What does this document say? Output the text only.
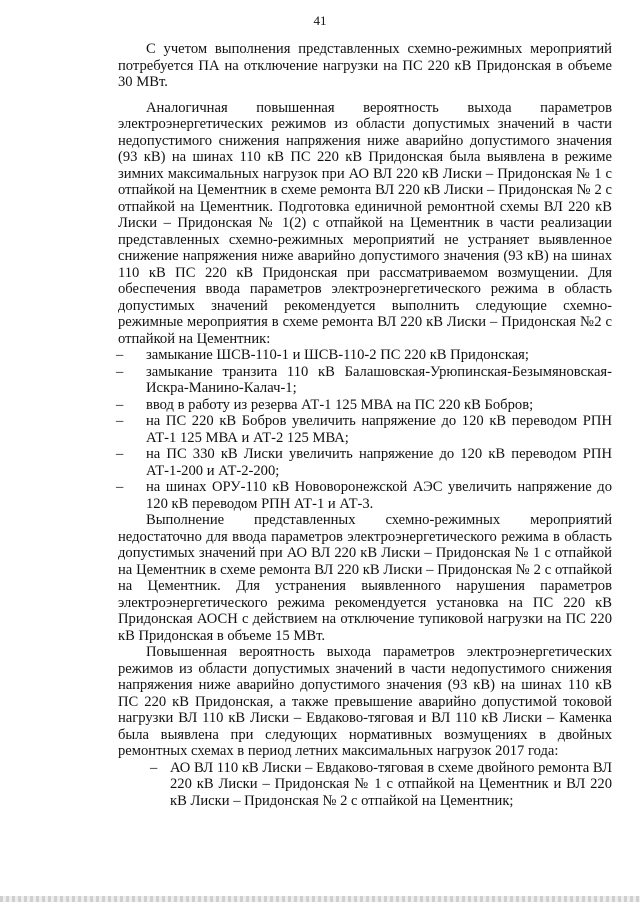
41

С учетом выполнения представленных схемно-режимных мероприятий потребуется ПА на отключение нагрузки на ПС 220 кВ Придонская в объеме 30 МВт.

Аналогичная повышенная вероятность выхода параметров электроэнергетических режимов из области допустимых значений в части недопустимого снижения напряжения ниже аварийно допустимого значения (93 кВ) на шинах 110 кВ ПС 220 кВ Придонская была выявлена в режиме зимних максимальных нагрузок при АО ВЛ 220 кВ Лиски – Придонская № 1 с отпайкой на Цементник в схеме ремонта ВЛ 220 кВ Лиски – Придонская № 2 с отпайкой на Цементник. Подготовка единичной ремонтной схемы ВЛ 220 кВ Лиски – Придонская № 1(2) с отпайкой на Цементник в части реализации представленных схемно-режимных мероприятий не устраняет выявленное снижение напряжения ниже аварийно допустимого значения (93 кВ) на шинах 110 кВ ПС 220 кВ Придонская при рассматриваемом возмущении. Для обеспечения ввода параметров электроэнергетического режима в область допустимых значений рекомендуется выполнить следующие схемно-режимные мероприятия в схеме ремонта ВЛ 220 кВ Лиски – Придонская №2 с отпайкой на Цементник:

– замыкание ШСВ-110-1 и ШСВ-110-2 ПС 220 кВ Придонская;
– замыкание транзита 110 кВ Балашовская-Урюпинская-Безымяновская-Искра-Манино-Калач-1;
– ввод в работу из резерва АТ-1 125 МВА на ПС 220 кВ Бобров;
– на ПС 220 кВ Бобров увеличить напряжение до 120 кВ переводом РПН АТ-1 125 МВА и АТ-2 125 МВА;
– на ПС 330 кВ Лиски увеличить напряжение до 120 кВ переводом РПН АТ-1-200 и АТ-2-200;
– на шинах ОРУ-110 кВ Нововоронежской АЭС увеличить напряжение до 120 кВ переводом РПН АТ-1 и АТ-3.

Выполнение представленных схемно-режимных мероприятий недостаточно для ввода параметров электроэнергетического режима в область допустимых значений при АО ВЛ 220 кВ Лиски – Придонская № 1 с отпайкой на Цементник в схеме ремонта ВЛ 220 кВ Лиски – Придонская № 2 с отпайкой на Цементник. Для устранения выявленного нарушения параметров электроэнергетического режима рекомендуется установка на ПС 220 кВ Придонская АОСН с действием на отключение тупиковой нагрузки на ПС 220 кВ Придонская в объеме 15 МВт.

Повышенная вероятность выхода параметров электроэнергетических режимов из области допустимых значений в части недопустимого снижения напряжения ниже аварийно допустимого значения (93 кВ) на шинах 110 кВ ПС 220 кВ Придонская, а также превышение аварийно допустимой токовой нагрузки ВЛ 110 кВ Лиски – Евдаково-тяговая и ВЛ 110 кВ Лиски – Каменка была выявлена при следующих нормативных возмущениях в двойных ремонтных схемах в период летних максимальных нагрузок 2017 года:

– АО ВЛ 110 кВ Лиски – Евдаково-тяговая в схеме двойного ремонта ВЛ 220 кВ Лиски – Придонская № 1 с отпайкой на Цементник и ВЛ 220 кВ Лиски – Придонская № 2 с отпайкой на Цементник;
